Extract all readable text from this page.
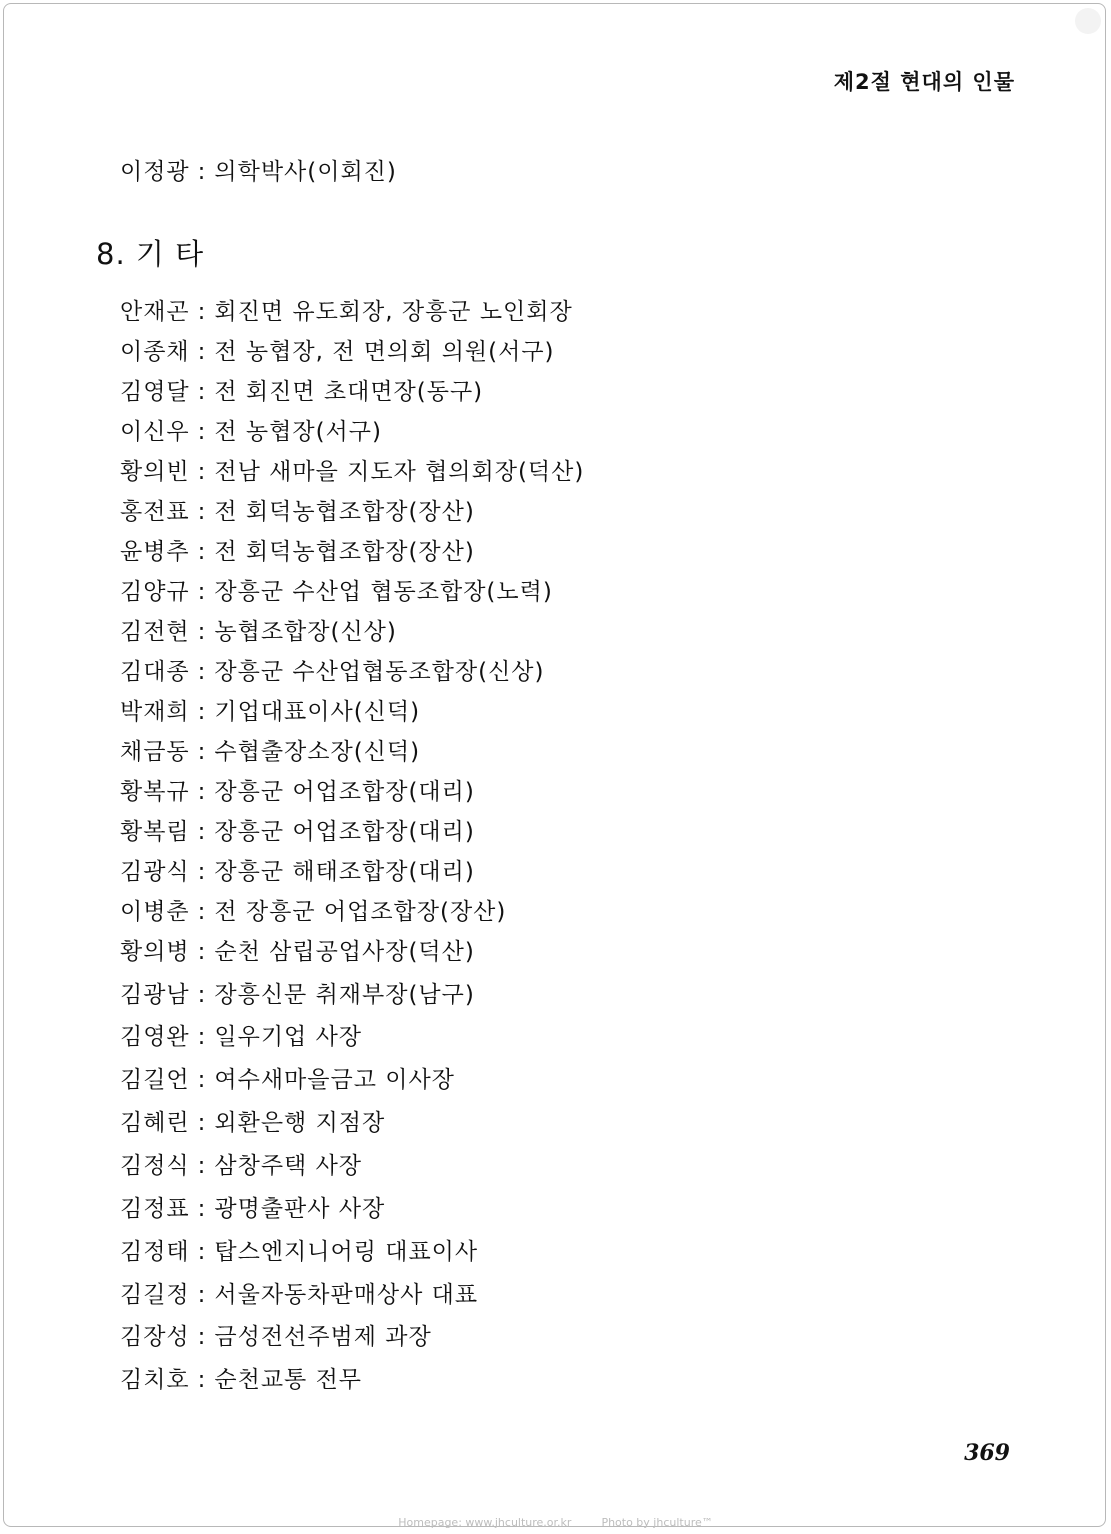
제2절 현대의 인물
이정광 : 의학박사(이회진)
8. 기 타
안재곤 : 회진면 유도회장, 장흥군 노인회장
이종채 : 전 농협장, 전 면의회 의원(서구)
김영달 : 전 회진면 초대면장(동구)
이신우 : 전 농협장(서구)
황의빈 : 전남 새마을 지도자 협의회장(덕산)
홍전표 : 전 회덕농협조합장(장산)
윤병추 : 전 회덕농협조합장(장산)
김양규 : 장흥군 수산업 협동조합장(노력)
김전현 : 농협조합장(신상)
김대종 : 장흥군 수산업협동조합장(신상)
박재희 : 기업대표이사(신덕)
채금동 : 수협출장소장(신덕)
황복규 : 장흥군 어업조합장(대리)
황복림 : 장흥군 어업조합장(대리)
김광식 : 장흥군 해태조합장(대리)
이병춘 : 전 장흥군 어업조합장(장산)
황의병 : 순천 삼립공업사장(덕산)
김광남 : 장흥신문 취재부장(남구)
김영완 : 일우기업 사장
김길언 : 여수새마을금고 이사장
김혜린 : 외환은행 지점장
김정식 : 삼창주택 사장
김정표 : 광명출판사 사장
김정태 : 탑스엔지니어링 대표이사
김길정 : 서울자동차판매상사 대표
김장성 : 금성전선주범제 과장
김치호 : 순천교통 전무
369
Homepage: www.jhculture.or.kr	Photo by jhculture™
